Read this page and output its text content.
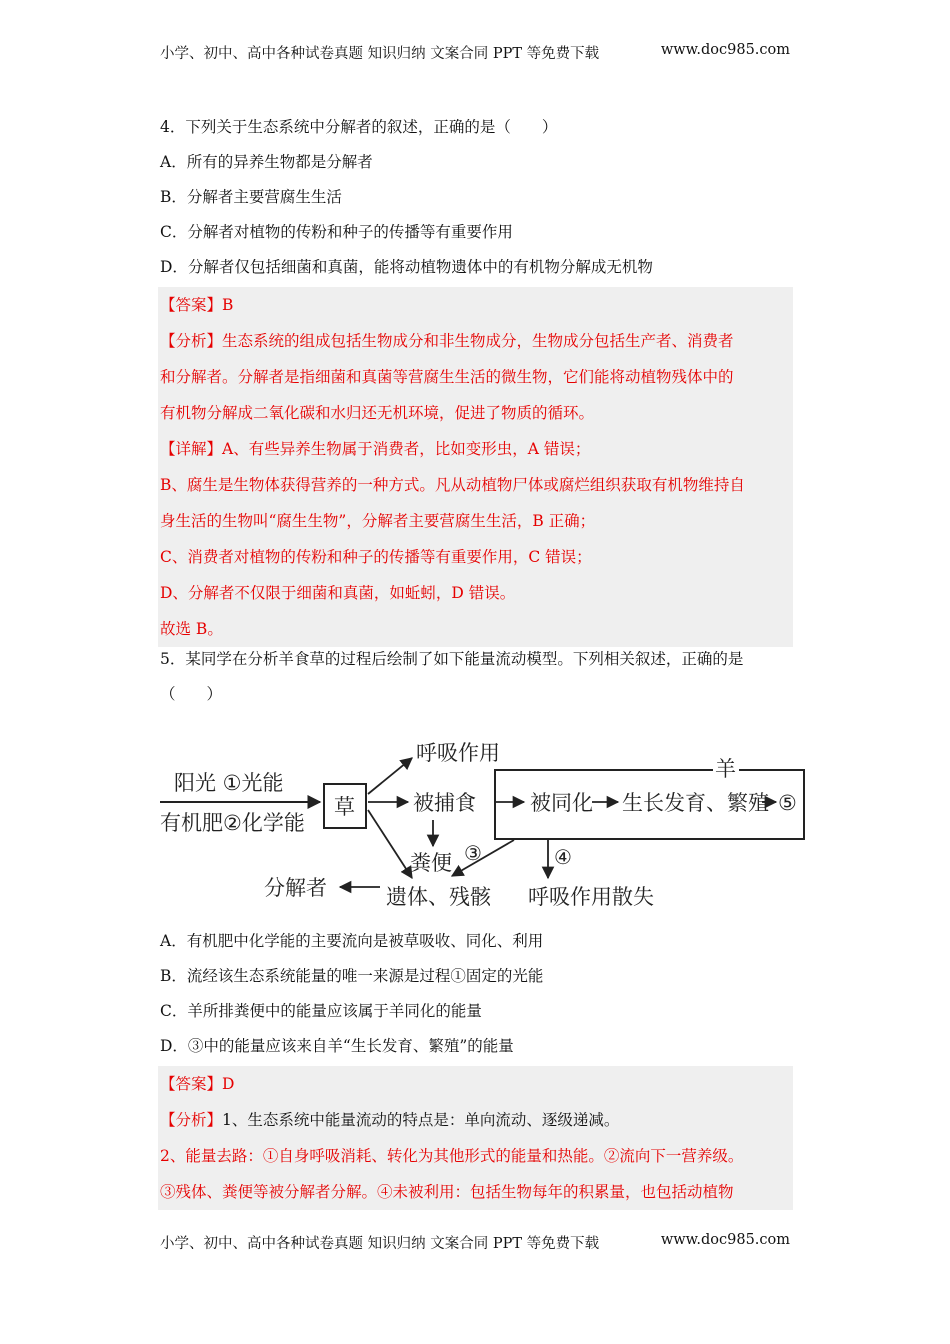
小学、初中、高中各种试卷真题 知识归纳 文案合同 PPT 等免费下载	www.doc985.com

4．下列关于生态系统中分解者的叙述，正确的是（　　）

A．所有的异养生物都是分解者

B．分解者主要营腐生生活

C．分解者对植物的传粉和种子的传播等有重要作用

D．分解者仅包括细菌和真菌，能将动植物遗体中的有机物分解成无机物

【答案】B

【分析】生态系统的组成包括生物成分和非生物成分，生物成分包括生产者、消费者

和分解者。分解者是指细菌和真菌等营腐生生活的微生物，它们能将动植物残体中的

有机物分解成二氧化碳和水归还无机环境，促进了物质的循环。

【详解】A、有些异养生物属于消费者，比如变形虫，A 错误；

B、腐生是生物体获得营养的一种方式。凡从动植物尸体或腐烂组织获取有机物维持自

身生活的生物叫“腐生生物”，分解者主要营腐生生活，B 正确；

C、消费者对植物的传粉和种子的传播等有重要作用，C 错误；

D、分解者不仅限于细菌和真菌，如蚯蚓，D 错误。

故选 B。

5．某同学在分析羊食草的过程后绘制了如下能量流动模型。下列相关叙述，正确的是

（　　）

阳光 ①光能
有机肥②化学能
草
呼吸作用
被捕食
粪便
羊
被同化 生长发育、繁殖 ⑤
③	④
遗体、残骸
分解者	呼吸作用散失

A．有机肥中化学能的主要流向是被草吸收、同化、利用

B．流经该生态系统能量的唯一来源是过程①固定的光能

C．羊所排粪便中的能量应该属于羊同化的能量

D．③中的能量应该来自羊“生长发育、繁殖”的能量

【答案】D

【分析】1、生态系统中能量流动的特点是：单向流动、逐级递减。

2、能量去路：①自身呼吸消耗、转化为其他形式的能量和热能。②流向下一营养级。

③残体、粪便等被分解者分解。④未被利用：包括生物每年的积累量，也包括动植物

小学、初中、高中各种试卷真题 知识归纳 文案合同 PPT 等免费下载	www.doc985.com
